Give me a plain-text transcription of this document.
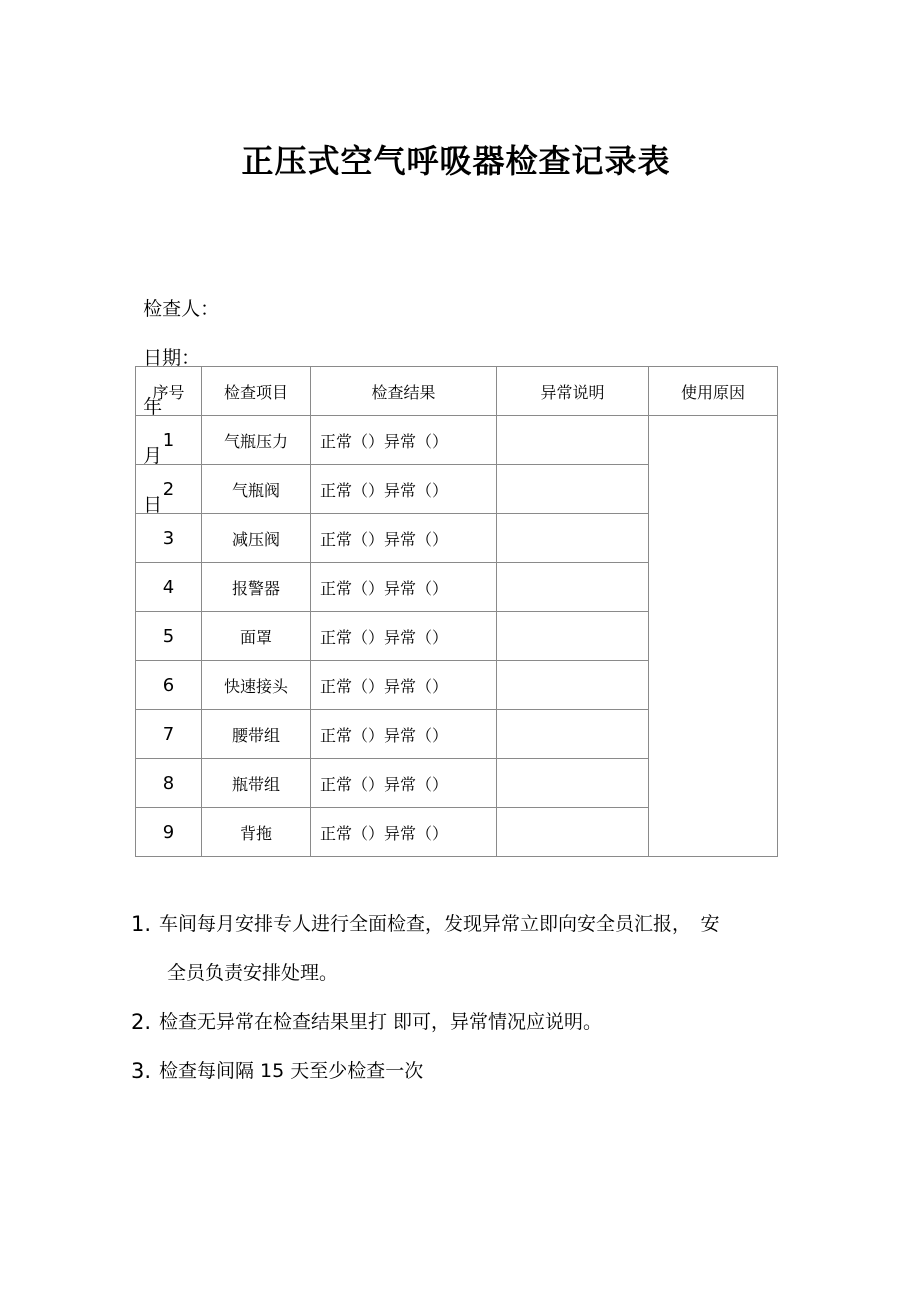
正压式空气呼吸器检查记录表

检查人：

日期：

年

月

日

序号	检查项目	检查结果	异常说明	使用原因
1	气瓶压力	正常（）异常（）		
2	气瓶阀	正常（）异常（）		
3	减压阀	正常（）异常（）		
4	报警器	正常（）异常（）		
5	面罩	正常（）异常（）		
6	快速接头	正常（）异常（）		
7	腰带组	正常（）异常（）		
8	瓶带组	正常（）异常（）		
9	背拖	正常（）异常（）		
1. 车间每月安排专人进行全面检查，发现异常立即向安全员汇报，　安
全员负责安排处理。
2. 检查无异常在检查结果里打 即可，异常情况应说明。
3. 检查每间隔 15 天至少检查一次
